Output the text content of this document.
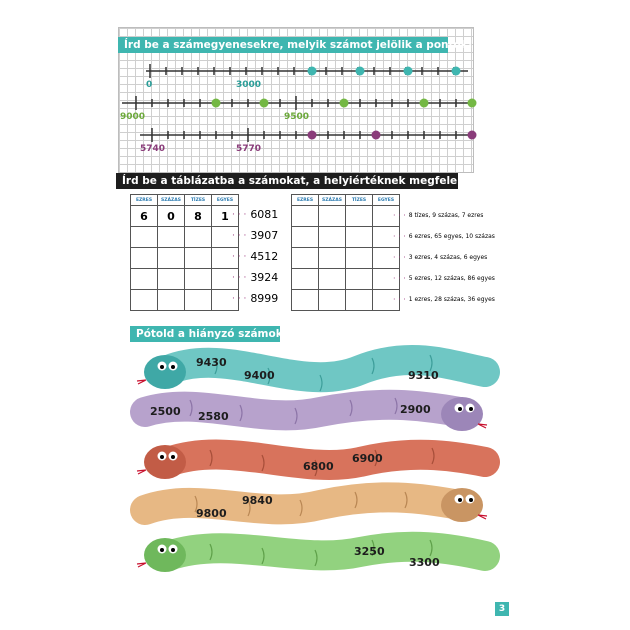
Írd be a számegyenesekre, melyik számot jelölik a pontok!
0	3000
9000	9500
5740	5770
Írd be a táblázatba a számokat, a helyiértéknek megfelelően.
EZRES	SZÁZAS	TÍZES	EGYES
6	0	8	1

			· · · 6081
· · · 3907
· · · 4512
· · · 3924
· · · 8999
EZRES	SZÁZAS	TÍZES	EGYES

· · · 8 tízes, 9 százas, 7 ezres
· · · 6 ezres, 65 egyes, 10 százas
· · · 3 ezres, 4 százas, 6 egyes
· · · 5 ezres, 12 százas, 86 egyes
· · · 1 ezres, 28 százas, 36 egyes
Pótold a hiányzó számokat.
9430
9400	9310
2500 2580
2900
6800
6900
9800
9840
3250
3300
3
